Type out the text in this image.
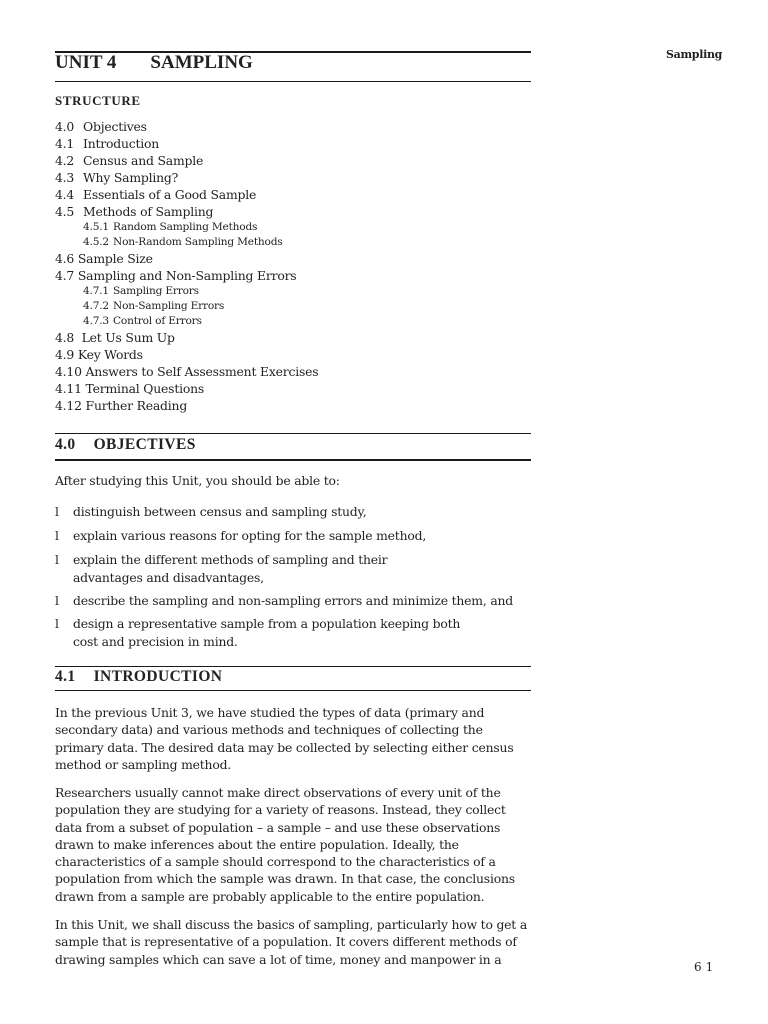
Sampling
UNIT 4 SAMPLING
STRUCTURE
4.0 Objectives
4.1 Introduction
4.2 Census and Sample
4.3 Why Sampling?
4.4 Essentials of a Good Sample
4.5 Methods of Sampling
4.5.1 Random Sampling Methods
4.5.2 Non-Random Sampling Methods
4.6 Sample Size
4.7 Sampling and Non-Sampling Errors
4.7.1 Sampling Errors
4.7.2 Non-Sampling Errors
4.7.3 Control of Errors
4.8 Let Us Sum Up
4.9 Key Words
4.10 Answers to Self Assessment Exercises
4.11 Terminal Questions
4.12 Further Reading
4.0 OBJECTIVES
After studying this Unit, you should be able to:
l distinguish between census and sampling study,
l explain various reasons for opting for the sample method,
l explain the different methods of sampling and their advantages and disadvantages,
l describe the sampling and non-sampling errors and minimize them, and
l design a representative sample from a population keeping both cost and precision in mind.
4.1 INTRODUCTION
In the previous Unit 3, we have studied the types of data (primary and secondary data) and various methods and techniques of collecting the primary data. The desired data may be collected by selecting either census method or sampling method.
Researchers usually cannot make direct observations of every unit of the population they are studying for a variety of reasons. Instead, they collect data from a subset of population – a sample – and use these observations drawn to make inferences about the entire population. Ideally, the characteristics of a sample should correspond to the characteristics of a population from which the sample was drawn. In that case, the conclusions drawn from a sample are probably applicable to the entire population.
In this Unit, we shall discuss the basics of sampling, particularly how to get a sample that is representative of a population. It covers different methods of drawing samples which can save a lot of time, money and manpower in a
61
